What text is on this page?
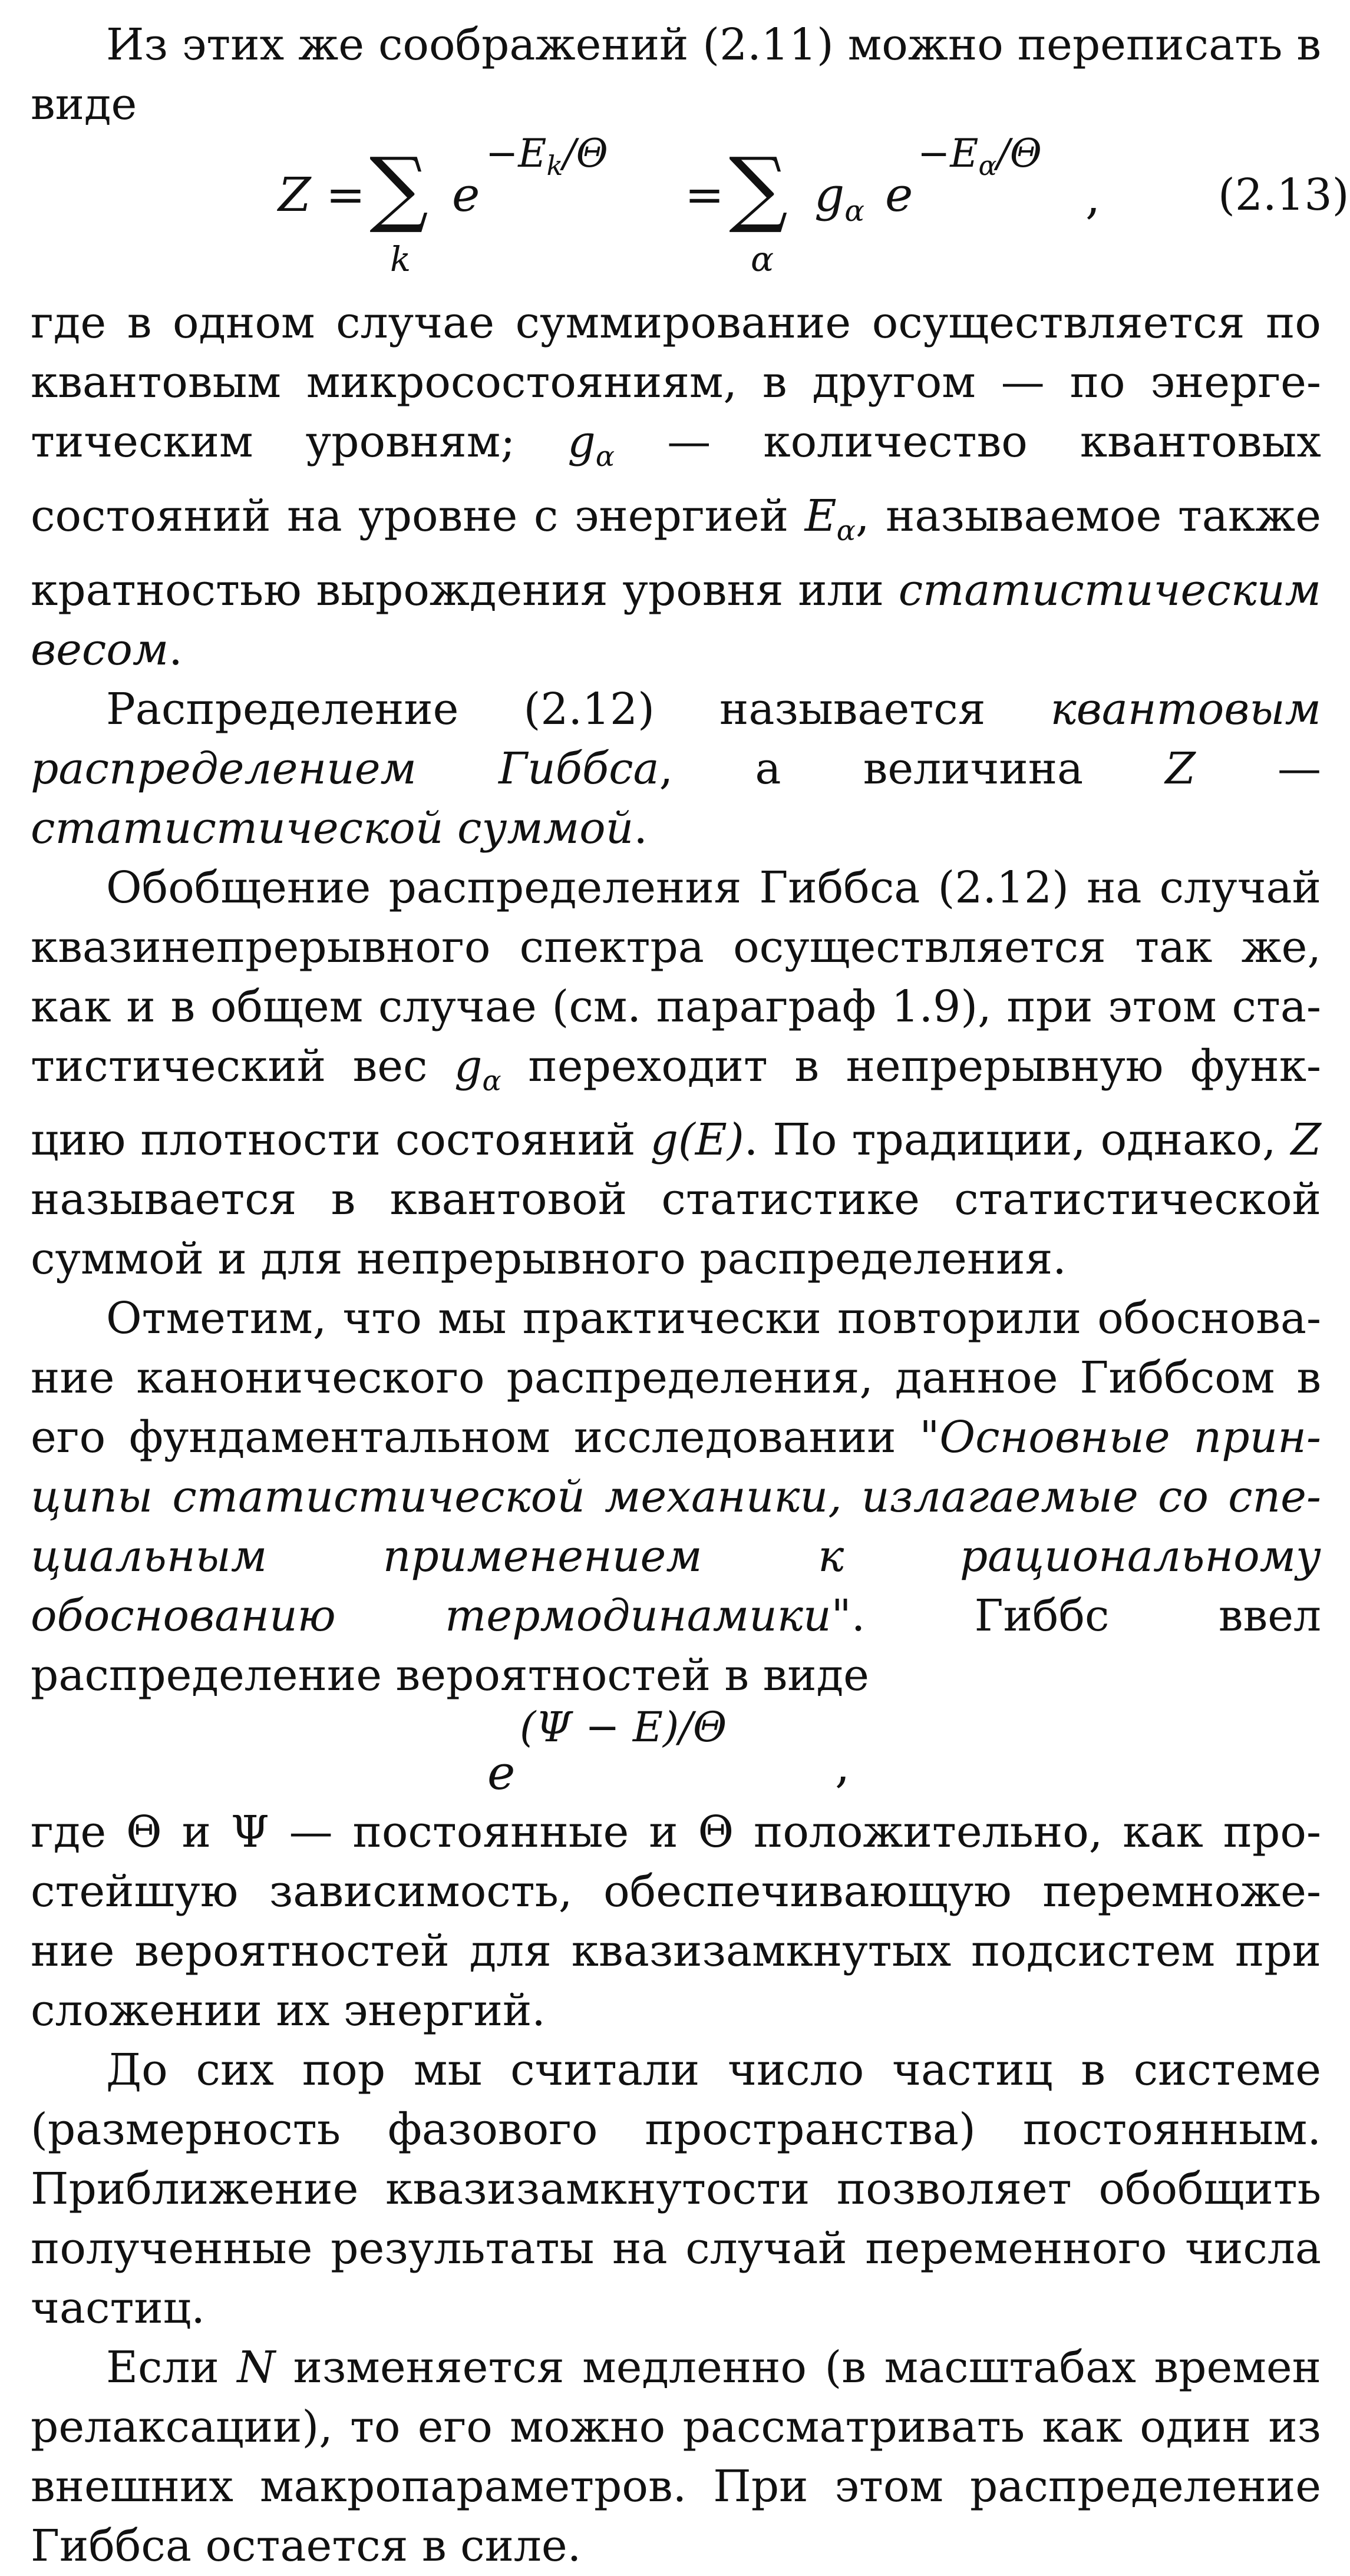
Из этих же соображений (2.11) можно переписать в виде

Z = ∑
k
e
$-E_k/\Theta$
= ∑
α
$g_\alpha$ e
$-E_\alpha/\Theta$
,	(2.13)

где в одном случае суммирование осуществляется по квантовым микросостояниям, в другом — по энергетическим уровням; $g_\alpha$ — количество квантовых состояний на уровне с энергией $E_\alpha$, называемое также кратностью вырождения уровня или статистическим весом.

Распределение (2.12) называется квантовым распределением Гиббса, а величина Z — статистической суммой.

Обобщение распределения Гиббса (2.12) на случай квазинепрерывного спектра осуществляется так же, как и в общем случае (см. параграф 1.9), при этом статистический вес $g_\alpha$ переходит в непрерывную функцию плотности состояний g(E). По традиции, однако, Z называется в квантовой статистике статистической суммой и для непрерывного распределения.

Отметим, что мы практически повторили обоснование канонического распределения, данное Гиббсом в его фундаментальном исследовании "Основные принципы статистической механики, излагаемые со специальным применением к рациональному обоснованию термодинамики". Гиббс ввел распределение вероятностей в виде

e
(Ψ − E)/Θ
,

где Θ и Ψ — постоянные и Θ положительно, как простейшую зависимость, обеспечивающую перемножение вероятностей для квазизамкнутых подсистем при сложении их энергий.

До сих пор мы считали число частиц в системе (размерность фазового пространства) постоянным. Приближение квазизамкнутости позволяет обобщить полученные результаты на случай переменного числа частиц.

Если N изменяется медленно (в масштабах времен релаксации), то его можно рассматривать как один из внешних макропараметров. При этом распределение Гиббса остается в силе.
